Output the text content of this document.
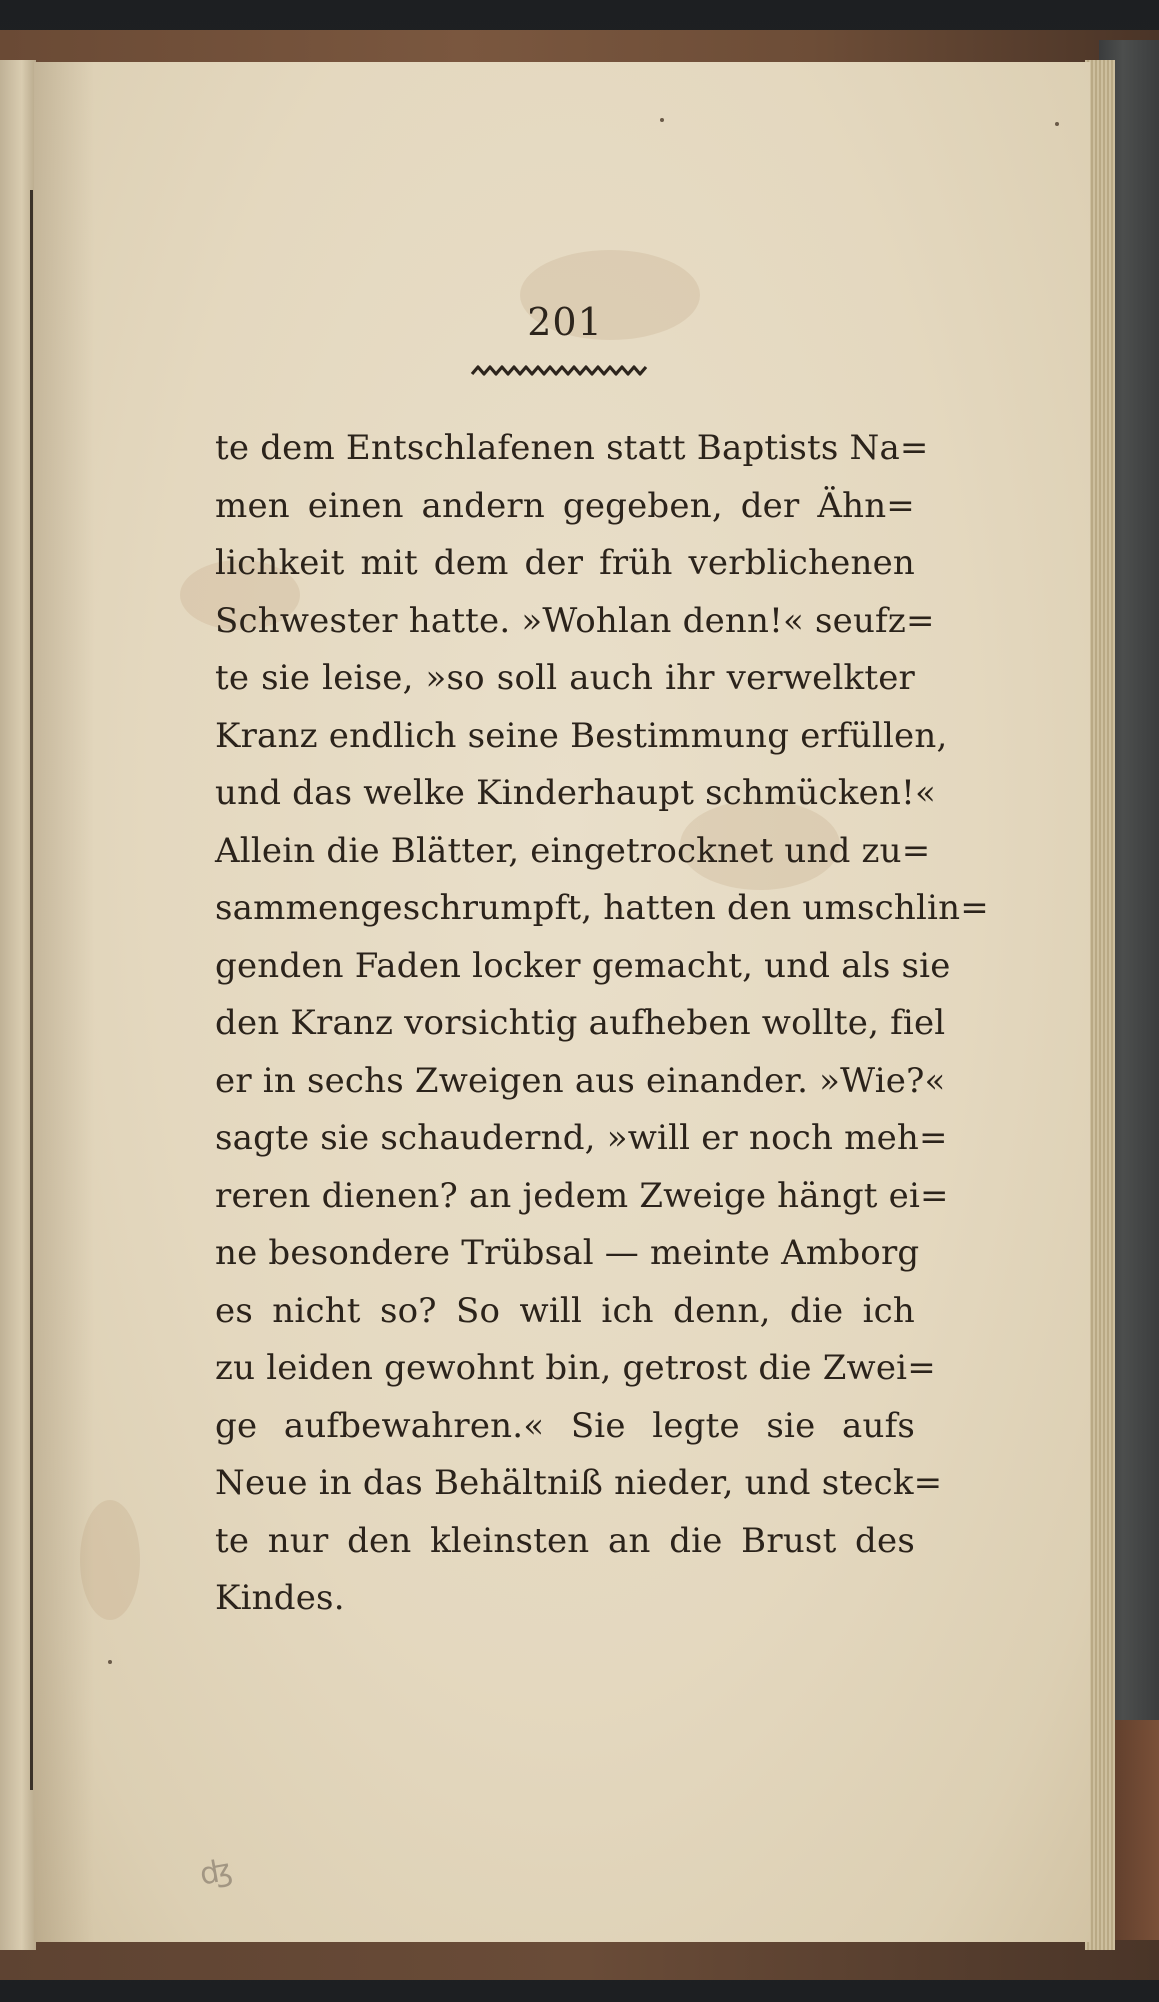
201
te dem Entschlafenen statt Baptists Na=
men einen andern gegeben, der Ähn=
lichkeit mit dem der früh verblichenen
Schwester hatte. »Wohlan denn!« seufz=
te sie leise, »so soll auch ihr verwelkter
Kranz endlich seine Bestimmung erfüllen,
und das welke Kinderhaupt schmücken!«
Allein die Blätter, eingetrocknet und zu=
sammengeschrumpft, hatten den umschlin=
genden Faden locker gemacht, und als sie
den Kranz vorsichtig aufheben wollte, fiel
er in sechs Zweigen aus einander. »Wie?«
sagte sie schaudernd, »will er noch meh=
reren dienen? an jedem Zweige hängt ei=
ne besondere Trübsal — meinte Amborg
es nicht so? So will ich denn, die ich
zu leiden gewohnt bin, getrost die Zwei=
ge aufbewahren.« Sie legte sie aufs
Neue in das Behältniß nieder, und steck=
te nur den kleinsten an die Brust des
Kindes.
ʤ
